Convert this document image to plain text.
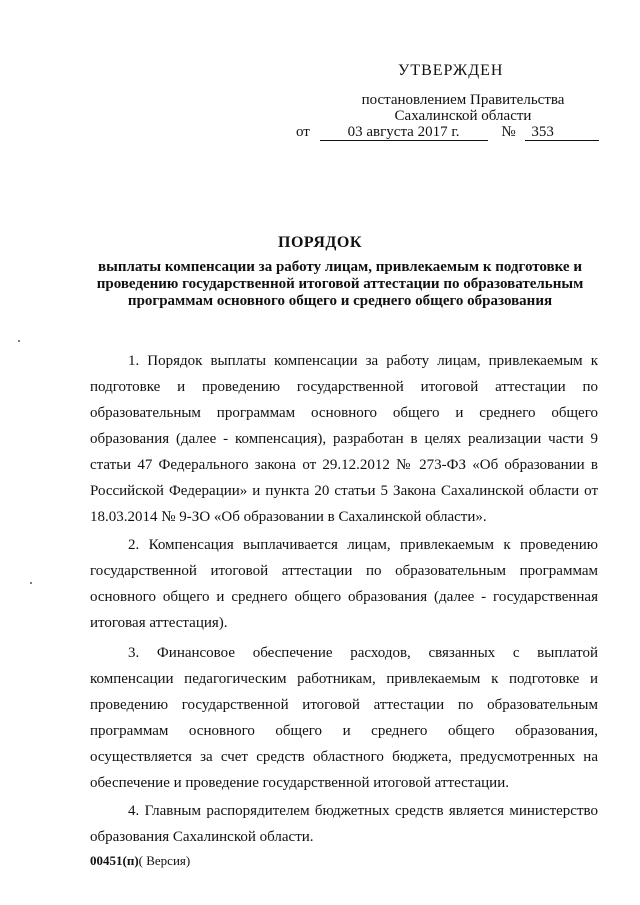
УТВЕРЖДЕН
постановлением Правительства
Сахалинской области
от	03 августа 2017 г.	№ 353
ПОРЯДОК
выплаты компенсации за работу лицам, привлекаемым к подготовке и проведению государственной итоговой аттестации по образовательным программам основного общего и среднего общего образования

1. Порядок выплаты компенсации за работу лицам, привлекаемым к подготовке и проведению государственной итоговой аттестации по образовательным программам основного общего и среднего общего образования (далее - компенсация), разработан в целях реализации части 9 статьи 47 Федерального закона от 29.12.2012 № 273-ФЗ «Об образовании в Российской Федерации» и пункта 20 статьи 5 Закона Сахалинской области от 18.03.2014 № 9-ЗО «Об образовании в Сахалинской области».

2. Компенсация выплачивается лицам, привлекаемым к проведению государственной итоговой аттестации по образовательным программам основного общего и среднего общего образования (далее - государственная итоговая аттестация).

3. Финансовое обеспечение расходов, связанных с выплатой компенсации педагогическим работникам, привлекаемым к подготовке и проведению государственной итоговой аттестации по образовательным программам основного общего и среднего общего образования, осуществляется за счет средств областного бюджета, предусмотренных на обеспечение и проведение государственной итоговой аттестации.

4. Главным распорядителем бюджетных средств является министерство образования Сахалинской области.

00451(п)( Версия)
